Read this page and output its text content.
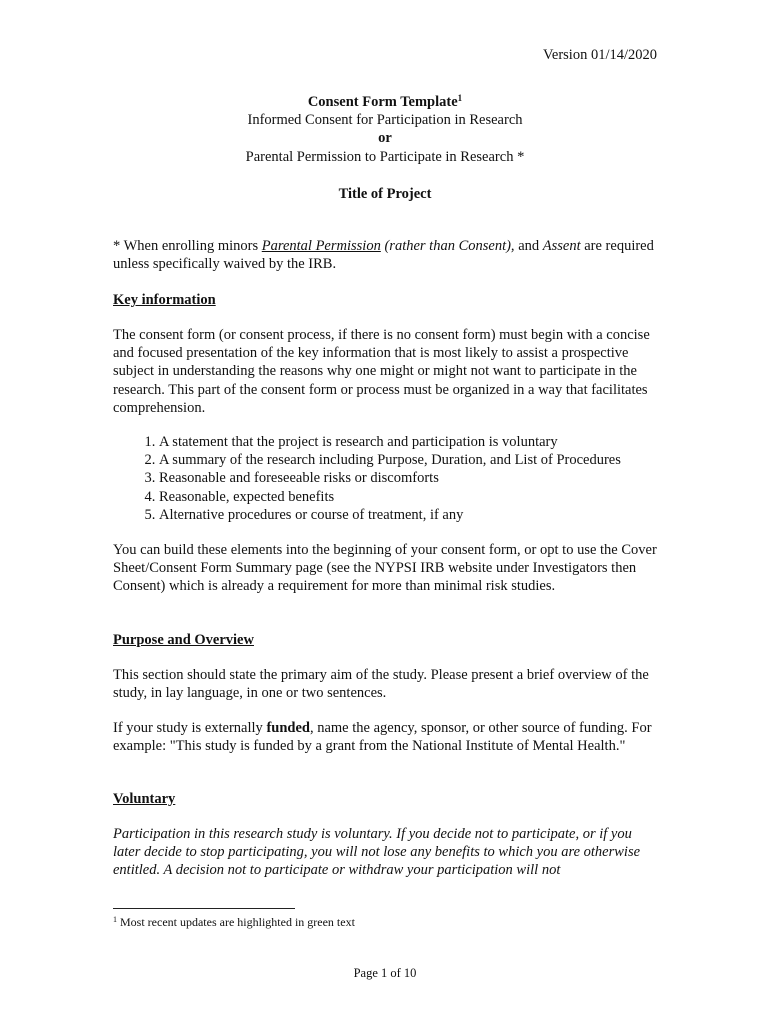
Version 01/14/2020
Consent Form Template$^1$
Informed Consent for Participation in Research
or
Parental Permission to Participate in Research *
Title of Project

* When enrolling minors Parental Permission (rather than Consent), and Assent are required unless specifically waived by the IRB.

Key information

The consent form (or consent process, if there is no consent form) must begin with a concise and focused presentation of the key information that is most likely to assist a prospective subject in understanding the reasons why one might or might not want to participate in the research. This part of the consent form or process must be organized in a way that facilitates comprehension.

1. A statement that the project is research and participation is voluntary
2. A summary of the research including Purpose, Duration, and List of Procedures
3. Reasonable and foreseeable risks or discomforts
4. Reasonable, expected benefits
5. Alternative procedures or course of treatment, if any

You can build these elements into the beginning of your consent form, or opt to use the Cover Sheet/Consent Form Summary page (see the NYPSI IRB website under Investigators then Consent) which is already a requirement for more than minimal risk studies.

Purpose and Overview

This section should state the primary aim of the study. Please present a brief overview of the study, in lay language, in one or two sentences.

If your study is externally funded, name the agency, sponsor, or other source of funding. For example: "This study is funded by a grant from the National Institute of Mental Health."

Voluntary

Participation in this research study is voluntary. If you decide not to participate, or if you later decide to stop participating, you will not lose any benefits to which you are otherwise entitled. A decision not to participate or withdraw your participation will not

$^1$ Most recent updates are highlighted in green text
Page 1 of 10
